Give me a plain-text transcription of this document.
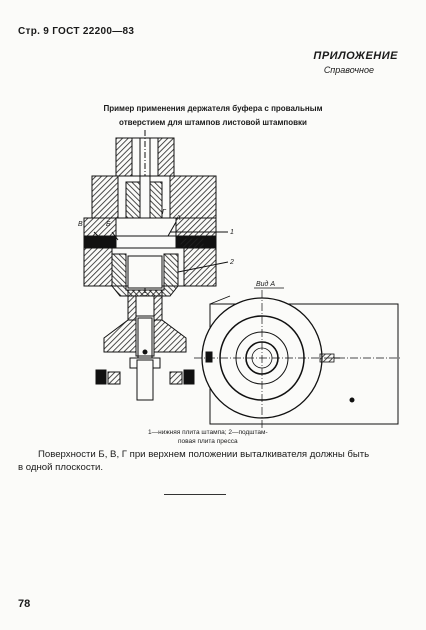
Стр. 9 ГОСТ 22200—83
ПРИЛОЖЕНИЕ
Справочное
Пример применения держателя буфера с провальным
отверстием для штампов листовой штамповки
В	Б
Г
А
1
2
Вид А
1—нижняя плита штампа; 2—подштам-
повая плита пресса
Поверхности Б, В, Г при верхнем положении выталкивателя должны быть
в одной плоскости.
78
